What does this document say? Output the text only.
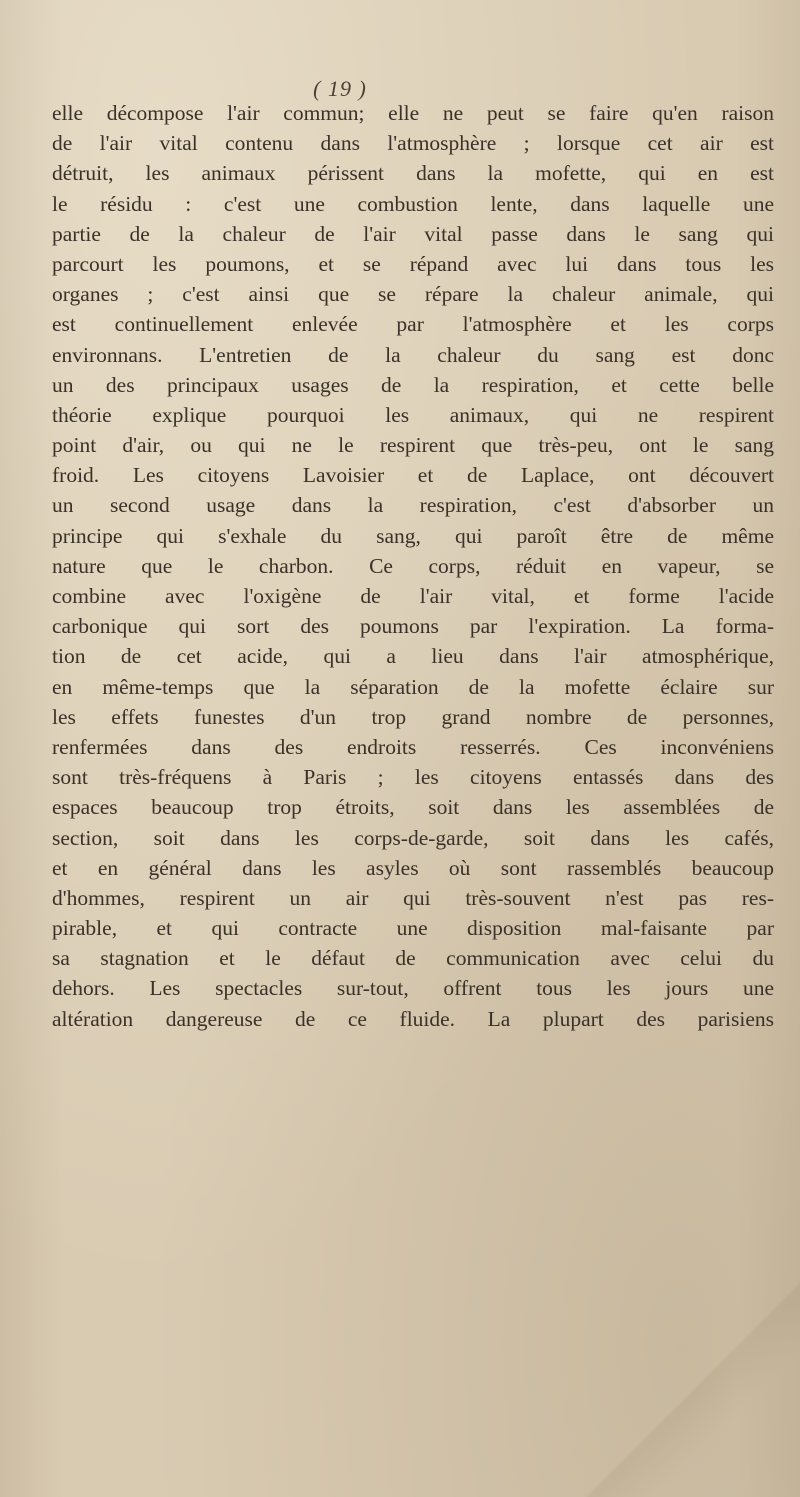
( 19 )
elle décompose l'air commun; elle ne peut se faire qu'en raison
de l'air vital contenu dans l'atmosphère ; lorsque cet air est
détruit, les animaux périssent dans la mofette, qui en est
le résidu : c'est une combustion lente, dans laquelle une
partie de la chaleur de l'air vital passe dans le sang qui
parcourt les poumons, et se répand avec lui dans tous les
organes ; c'est ainsi que se répare la chaleur animale, qui
est continuellement enlevée par l'atmosphère et les corps
environnans. L'entretien de la chaleur du sang est donc
un des principaux usages de la respiration, et cette belle
théorie explique pourquoi les animaux, qui ne respirent
point d'air, ou qui ne le respirent que très-peu, ont le sang
froid. Les citoyens Lavoisier et de Laplace, ont découvert
un second usage dans la respiration, c'est d'absorber un
principe qui s'exhale du sang, qui paroît être de même
nature que le charbon. Ce corps, réduit en vapeur, se
combine avec l'oxigène de l'air vital, et forme l'acide
carbonique qui sort des poumons par l'expiration. La forma-
tion de cet acide, qui a lieu dans l'air atmosphérique,
en même-temps que la séparation de la mofette éclaire sur
les effets funestes d'un trop grand nombre de personnes,
renfermées dans des endroits resserrés. Ces inconvéniens
sont très-fréquens à Paris ; les citoyens entassés dans des
espaces beaucoup trop étroits, soit dans les assemblées de
section, soit dans les corps-de-garde, soit dans les cafés,
et en général dans les asyles où sont rassemblés beaucoup
d'hommes, respirent un air qui très-souvent n'est pas res-
pirable, et qui contracte une disposition mal-faisante par
sa stagnation et le défaut de communication avec celui du
dehors. Les spectacles sur-tout, offrent tous les jours une
altération dangereuse de ce fluide. La plupart des parisiens
